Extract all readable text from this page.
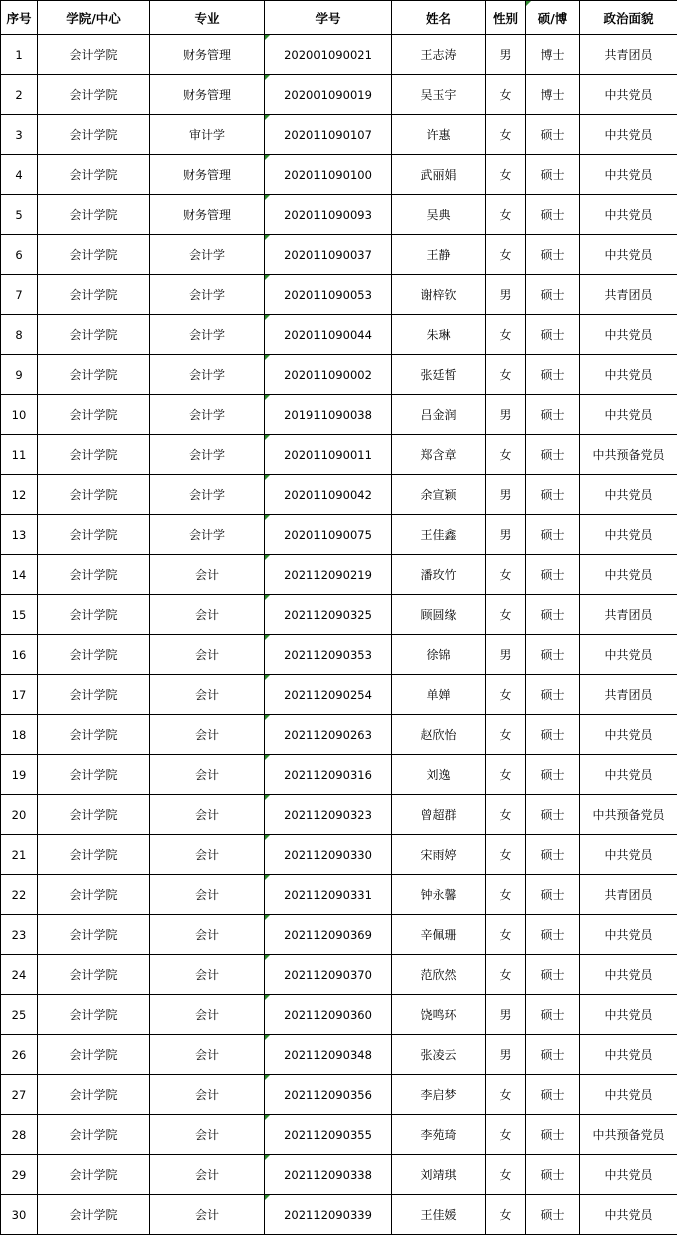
序号	学院/中心	专业	学号	姓名	性别	硕/博	政治面貌
1	会计学院	财务管理	202001090021	王志涛	男	博士	共青团员
2	会计学院	财务管理	202001090019	吴玉宇	女	博士	中共党员
3	会计学院	审计学	202011090107	许惠	女	硕士	中共党员
4	会计学院	财务管理	202011090100	武丽娟	女	硕士	中共党员
5	会计学院	财务管理	202011090093	吴典	女	硕士	中共党员
6	会计学院	会计学	202011090037	王静	女	硕士	中共党员
7	会计学院	会计学	202011090053	谢梓钦	男	硕士	共青团员
8	会计学院	会计学	202011090044	朱琳	女	硕士	中共党员
9	会计学院	会计学	202011090002	张廷皙	女	硕士	中共党员
10	会计学院	会计学	201911090038	吕金润	男	硕士	中共党员
11	会计学院	会计学	202011090011	郑含章	女	硕士	中共预备党员
12	会计学院	会计学	202011090042	余宣颖	男	硕士	中共党员
13	会计学院	会计学	202011090075	王佳鑫	男	硕士	中共党员
14	会计学院	会计	202112090219	潘玫竹	女	硕士	中共党员
15	会计学院	会计	202112090325	顾圆缘	女	硕士	共青团员
16	会计学院	会计	202112090353	徐锦	男	硕士	中共党员
17	会计学院	会计	202112090254	单婵	女	硕士	共青团员
18	会计学院	会计	202112090263	赵欣怡	女	硕士	中共党员
19	会计学院	会计	202112090316	刘逸	女	硕士	中共党员
20	会计学院	会计	202112090323	曾超群	女	硕士	中共预备党员
21	会计学院	会计	202112090330	宋雨婷	女	硕士	中共党员
22	会计学院	会计	202112090331	钟永馨	女	硕士	共青团员
23	会计学院	会计	202112090369	辛佩珊	女	硕士	中共党员
24	会计学院	会计	202112090370	范欣然	女	硕士	中共党员
25	会计学院	会计	202112090360	饶鸣环	男	硕士	中共党员
26	会计学院	会计	202112090348	张凌云	男	硕士	中共党员
27	会计学院	会计	202112090356	李启梦	女	硕士	中共党员
28	会计学院	会计	202112090355	李苑琦	女	硕士	中共预备党员
29	会计学院	会计	202112090338	刘靖琪	女	硕士	中共党员
30	会计学院	会计	202112090339	王佳媛	女	硕士	中共党员
